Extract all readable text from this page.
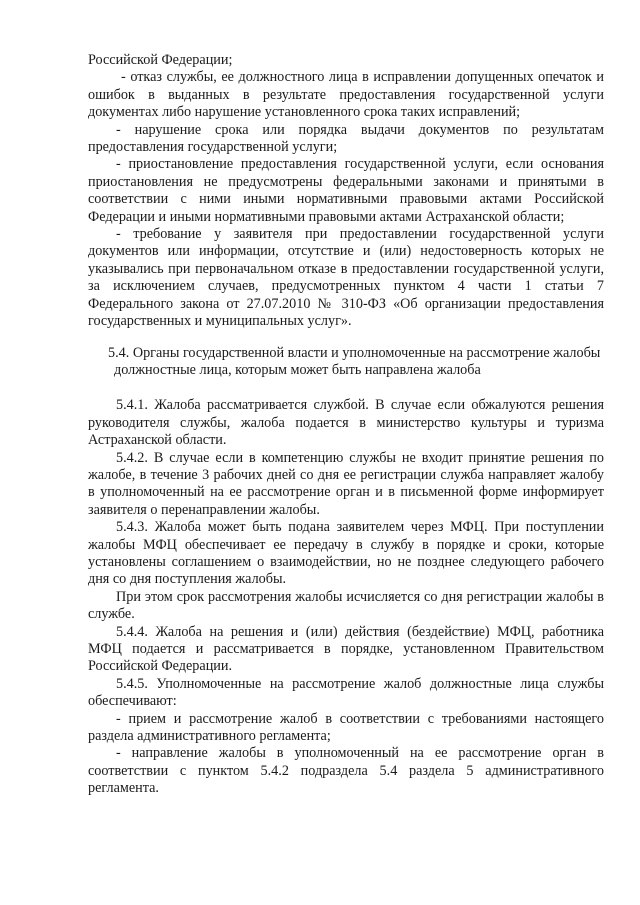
Российской Федерации;

- отказ службы, ее должностного лица в исправлении допущенных опечаток и ошибок в выданных в результате предоставления государственной услуги документах либо нарушение установленного срока таких исправлений;

- нарушение срока или порядка выдачи документов по результатам предоставления государственной услуги;

- приостановление предоставления государственной услуги, если основания приостановления не предусмотрены федеральными законами и принятыми в соответствии с ними иными нормативными правовыми актами Российской Федерации и иными нормативными правовыми актами Астраханской области;

- требование у заявителя при предоставлении государственной услуги документов или информации, отсутствие и (или) недостоверность которых не указывались при первоначальном отказе в предоставлении государственной услуги, за исключением случаев, предусмотренных пунктом 4 части 1 статьи 7 Федерального закона от 27.07.2010 № 310-ФЗ «Об организации предоставления государственных и муниципальных услуг».

5.4. Органы государственной власти и уполномоченные на рассмотрение жалобы должностные лица, которым может быть направлена жалоба

5.4.1. Жалоба рассматривается службой. В случае если обжалуются решения руководителя службы, жалоба подается в министерство культуры и туризма Астраханской области.

5.4.2. В случае если в компетенцию службы не входит принятие решения по жалобе, в течение 3 рабочих дней со дня ее регистрации служба направляет жалобу в уполномоченный на ее рассмотрение орган и в письменной форме информирует заявителя о перенаправлении жалобы.

5.4.3. Жалоба может быть подана заявителем через МФЦ. При поступлении жалобы МФЦ обеспечивает ее передачу в службу в порядке и сроки, которые установлены соглашением о взаимодействии, но не позднее следующего рабочего дня со дня поступления жалобы.

При этом срок рассмотрения жалобы исчисляется со дня регистрации жалобы в службе.

5.4.4. Жалоба на решения и (или) действия (бездействие) МФЦ, работника МФЦ подается и рассматривается в порядке, установленном Правительством Российской Федерации.

5.4.5. Уполномоченные на рассмотрение жалоб должностные лица службы обеспечивают:

- прием и рассмотрение жалоб в соответствии с требованиями настоящего раздела административного регламента;

- направление жалобы в уполномоченный на ее рассмотрение орган в соответствии с пунктом 5.4.2 подраздела 5.4 раздела 5 административного регламента.
